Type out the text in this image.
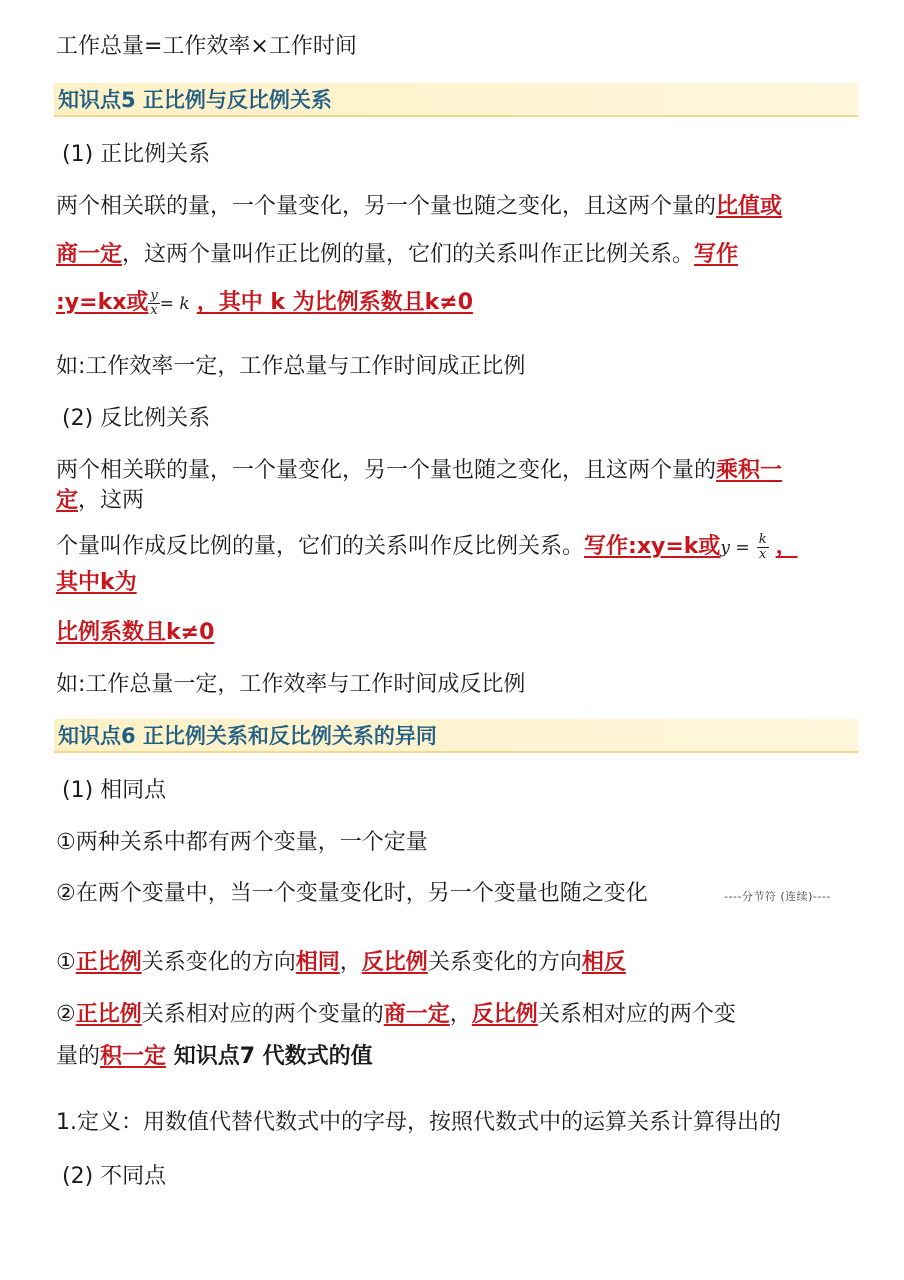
工作总量=工作效率×工作时间
知识点5 正比例与反比例关系
(1) 正比例关系
两个相关联的量，一个量变化，另一个量也随之变化，且这两个量的比值或
商一定，这两个量叫作正比例的量，它们的关系叫作正比例关系。写作
:y=kx或 $\frac{y}{x} = k$ ，其中 k 为比例系数且k≠0
如:工作效率一定，工作总量与工作时间成正比例
(2) 反比例关系
两个相关联的量，一个量变化，另一个量也随之变化，且这两个量的乘积一
定，这两
个量叫作成反比例的量，它们的关系叫作反比例关系。写作:xy=k或$y = \frac{k}{x}$ ，
其中k为
比例系数且k≠0
如:工作总量一定，工作效率与工作时间成反比例
知识点6 正比例关系和反比例关系的异同
(1) 相同点
①两种关系中都有两个变量，一个定量
②在两个变量中，当一个变量变化时，另一个变量也随之变化	----分节符 (连续)----
①正比例关系变化的方向相同，反比例关系变化的方向相反
②正比例关系相对应的两个变量的商一定，反比例关系相对应的两个变
量的积一定 知识点7 代数式的值
1.定义：用数值代替代数式中的字母，按照代数式中的运算关系计算得出的
(2) 不同点
